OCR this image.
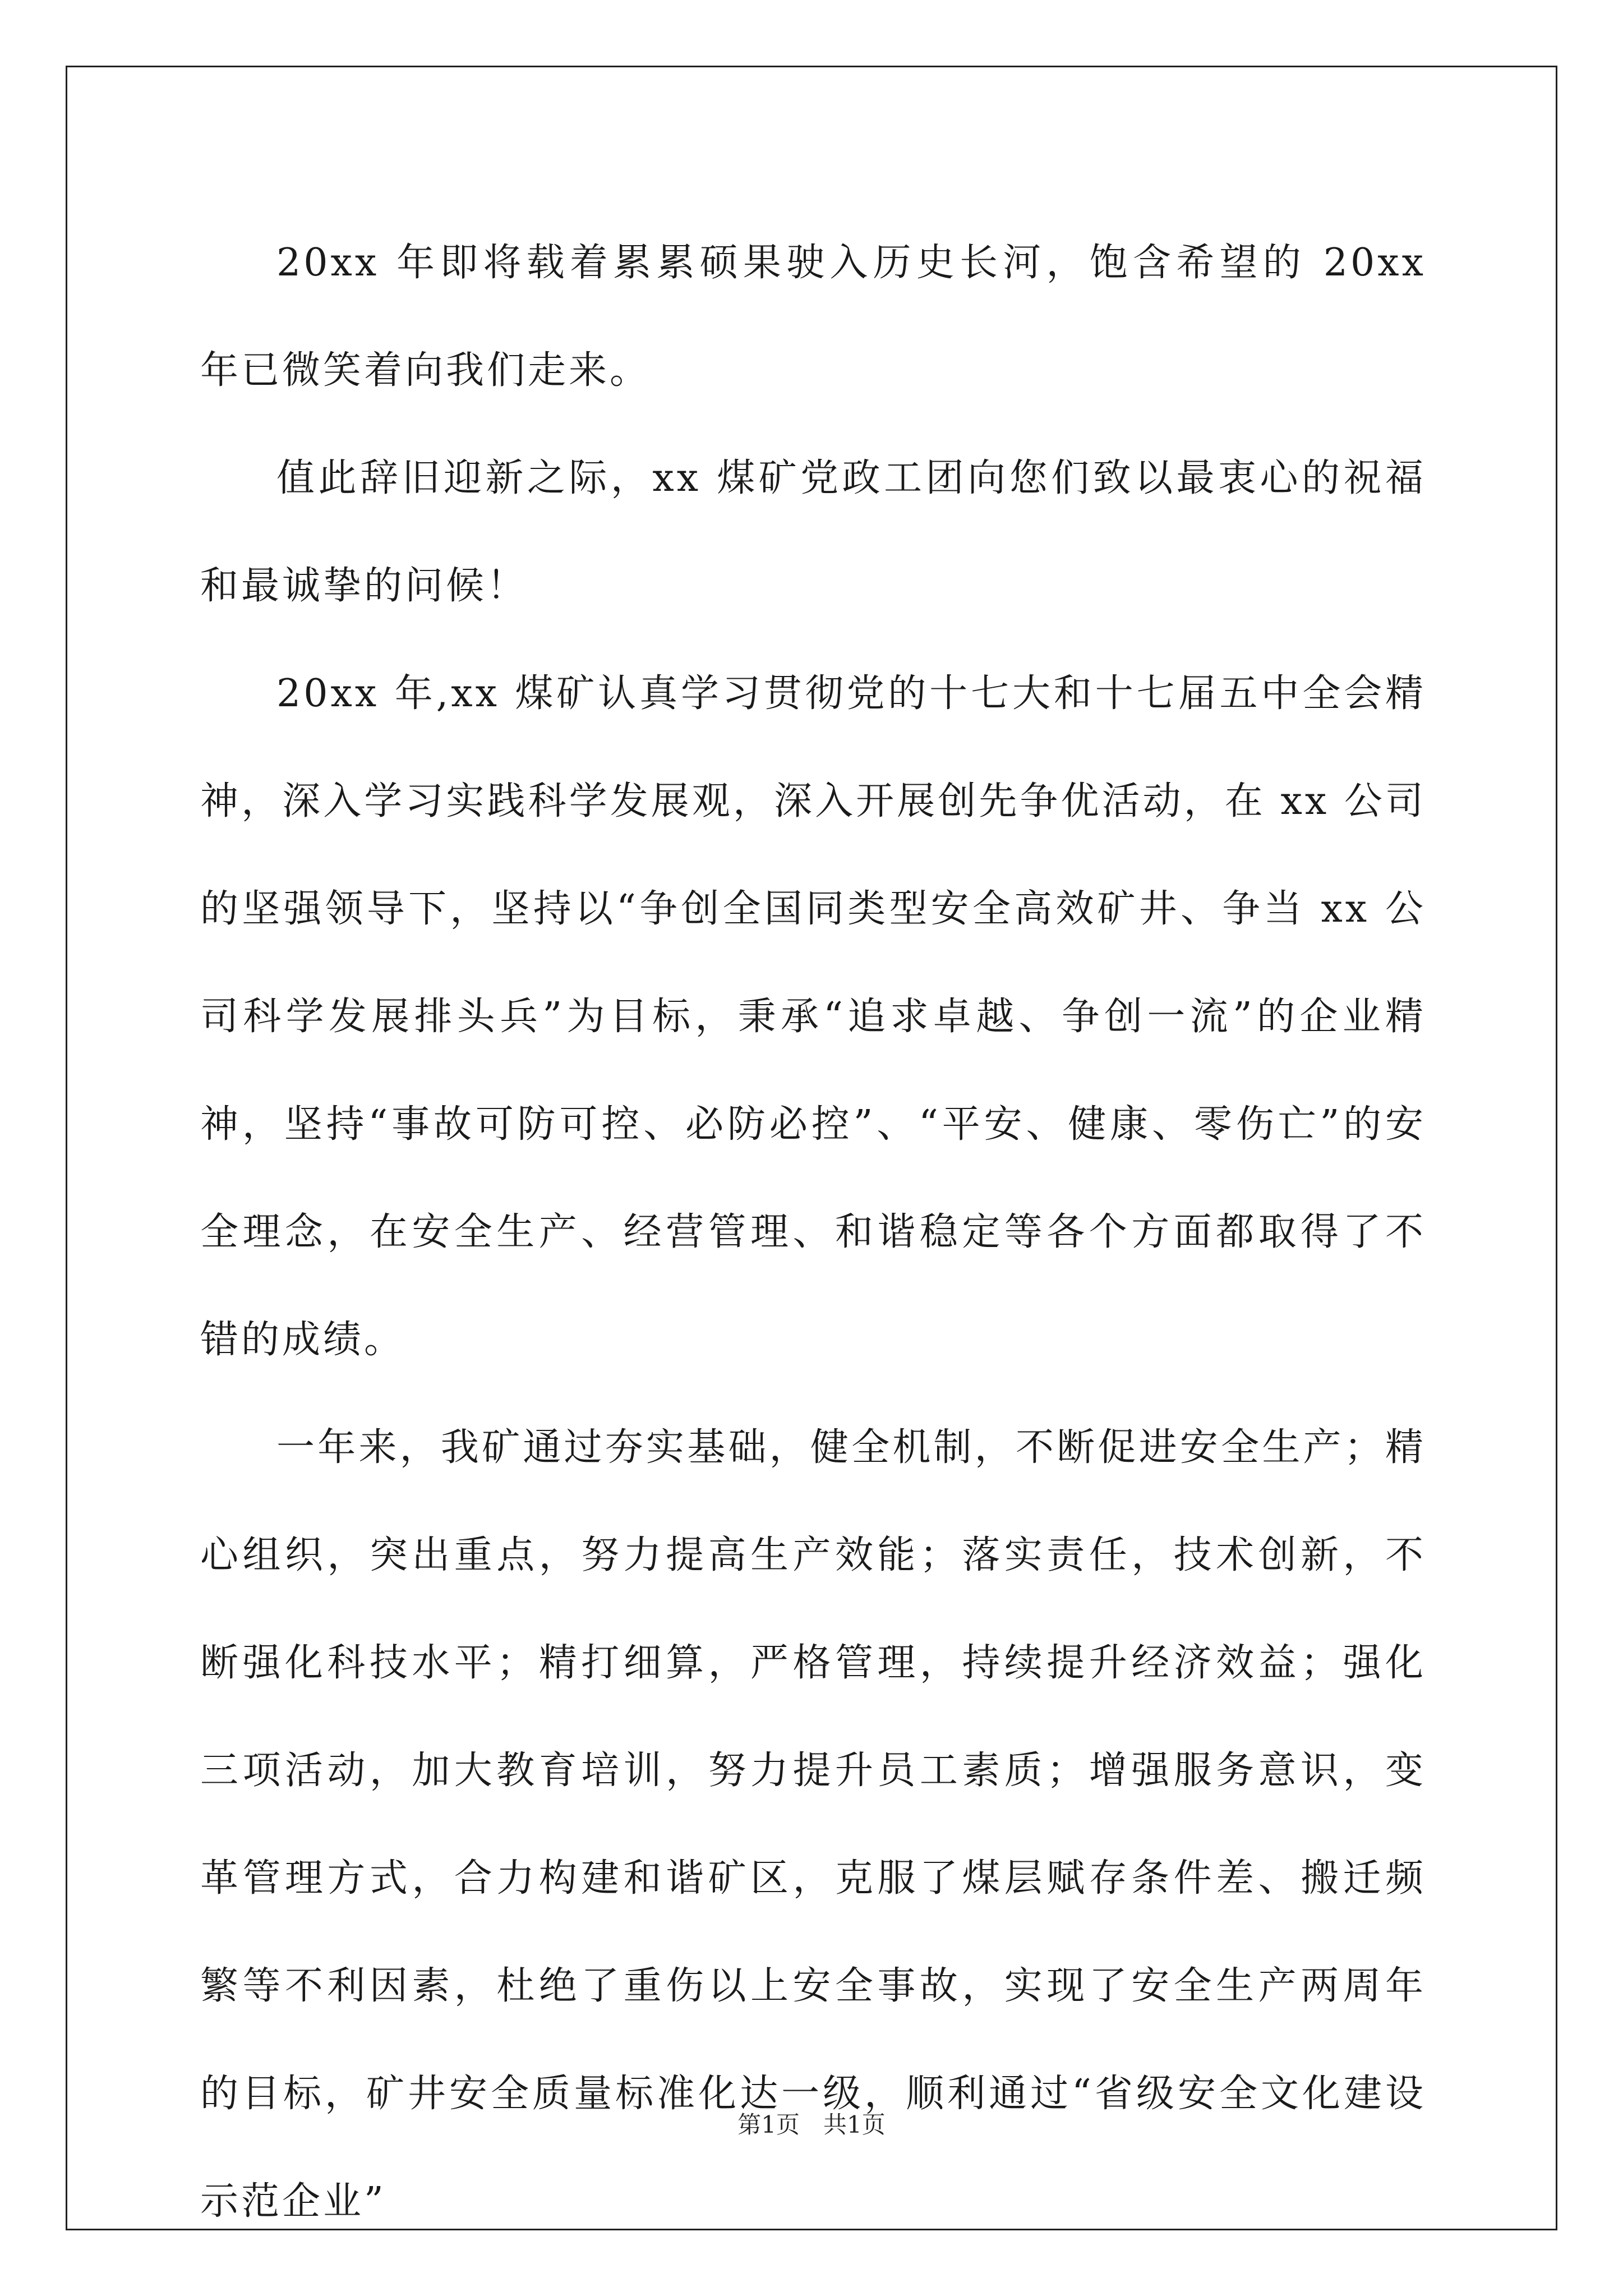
20xx 年即将载着累累硕果驶入历史长河，饱含希望的 20xx 年已微笑着向我们走来。

值此辞旧迎新之际，xx 煤矿党政工团向您们致以最衷心的祝福和最诚挚的问候！

20xx 年,xx 煤矿认真学习贯彻党的十七大和十七届五中全会精神，深入学习实践科学发展观，深入开展创先争优活动，在 xx 公司的坚强领导下，坚持以“争创全国同类型安全高效矿井、争当 xx 公司科学发展排头兵”为目标，秉承“追求卓越、争创一流”的企业精神，坚持“事故可防可控、必防必控”、“平安、健康、零伤亡”的安全理念，在安全生产、经营管理、和谐稳定等各个方面都取得了不错的成绩。

一年来，我矿通过夯实基础，健全机制，不断促进安全生产；精心组织，突出重点，努力提高生产效能；落实责任，技术创新，不断强化科技水平；精打细算，严格管理，持续提升经济效益；强化三项活动，加大教育培训，努力提升员工素质；增强服务意识，变革管理方式，合力构建和谐矿区，克服了煤层赋存条件差、搬迁频繁等不利因素，杜绝了重伤以上安全事故，实现了安全生产两周年的目标，矿井安全质量标准化达一级，顺利通过“省级安全文化建设示范企业”

第1页　共1页
